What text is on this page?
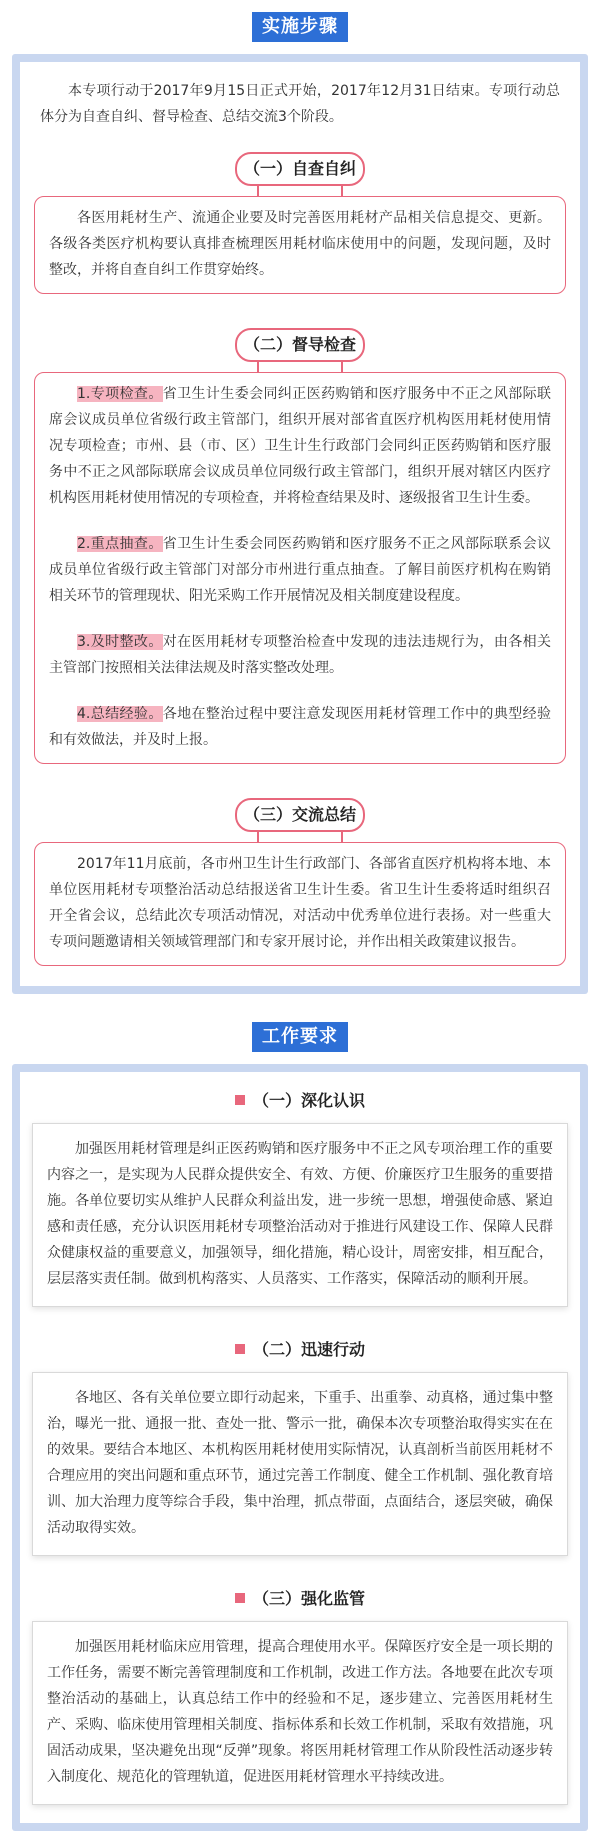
实施步骤

本专项行动于2017年9月15日正式开始，2017年12月31日结束。专项行动总体分为自查自纠、督导检查、总结交流3个阶段。

（一）自查自纠

各医用耗材生产、流通企业要及时完善医用耗材产品相关信息提交、更新。各级各类医疗机构要认真排查梳理医用耗材临床使用中的问题，发现问题，及时整改，并将自查自纠工作贯穿始终。

（二）督导检查

1.专项检查。省卫生计生委会同纠正医药购销和医疗服务中不正之风部际联席会议成员单位省级行政主管部门，组织开展对部省直医疗机构医用耗材使用情况专项检查；市州、县（市、区）卫生计生行政部门会同纠正医药购销和医疗服务中不正之风部际联席会议成员单位同级行政主管部门，组织开展对辖区内医疗机构医用耗材使用情况的专项检查，并将检查结果及时、逐级报省卫生计生委。

2.重点抽查。省卫生计生委会同医药购销和医疗服务不正之风部际联系会议成员单位省级行政主管部门对部分市州进行重点抽查。了解目前医疗机构在购销相关环节的管理现状、阳光采购工作开展情况及相关制度建设程度。

3.及时整改。对在医用耗材专项整治检查中发现的违法违规行为，由各相关主管部门按照相关法律法规及时落实整改处理。

4.总结经验。各地在整治过程中要注意发现医用耗材管理工作中的典型经验和有效做法，并及时上报。

（三）交流总结

2017年11月底前，各市州卫生计生行政部门、各部省直医疗机构将本地、本单位医用耗材专项整治活动总结报送省卫生计生委。省卫生计生委将适时组织召开全省会议，总结此次专项活动情况，对活动中优秀单位进行表扬。对一些重大专项问题邀请相关领域管理部门和专家开展讨论，并作出相关政策建议报告。

工作要求
（一）深化认识

加强医用耗材管理是纠正医药购销和医疗服务中不正之风专项治理工作的重要内容之一，是实现为人民群众提供安全、有效、方便、价廉医疗卫生服务的重要措施。各单位要切实从维护人民群众利益出发，进一步统一思想，增强使命感、紧迫感和责任感，充分认识医用耗材专项整治活动对于推进行风建设工作、保障人民群众健康权益的重要意义，加强领导，细化措施，精心设计，周密安排，相互配合，层层落实责任制。做到机构落实、人员落实、工作落实，保障活动的顺利开展。

（二）迅速行动

各地区、各有关单位要立即行动起来，下重手、出重拳、动真格，通过集中整治，曝光一批、通报一批、查处一批、警示一批，确保本次专项整治取得实实在在的效果。要结合本地区、本机构医用耗材使用实际情况，认真剖析当前医用耗材不合理应用的突出问题和重点环节，通过完善工作制度、健全工作机制、强化教育培训、加大治理力度等综合手段，集中治理，抓点带面，点面结合，逐层突破，确保活动取得实效。

（三）强化监管

加强医用耗材临床应用管理，提高合理使用水平。保障医疗安全是一项长期的工作任务，需要不断完善管理制度和工作机制，改进工作方法。各地要在此次专项整治活动的基础上，认真总结工作中的经验和不足，逐步建立、完善医用耗材生产、采购、临床使用管理相关制度、指标体系和长效工作机制，采取有效措施，巩固活动成果，坚决避免出现“反弹”现象。将医用耗材管理工作从阶段性活动逐步转入制度化、规范化的管理轨道，促进医用耗材管理水平持续改进。
